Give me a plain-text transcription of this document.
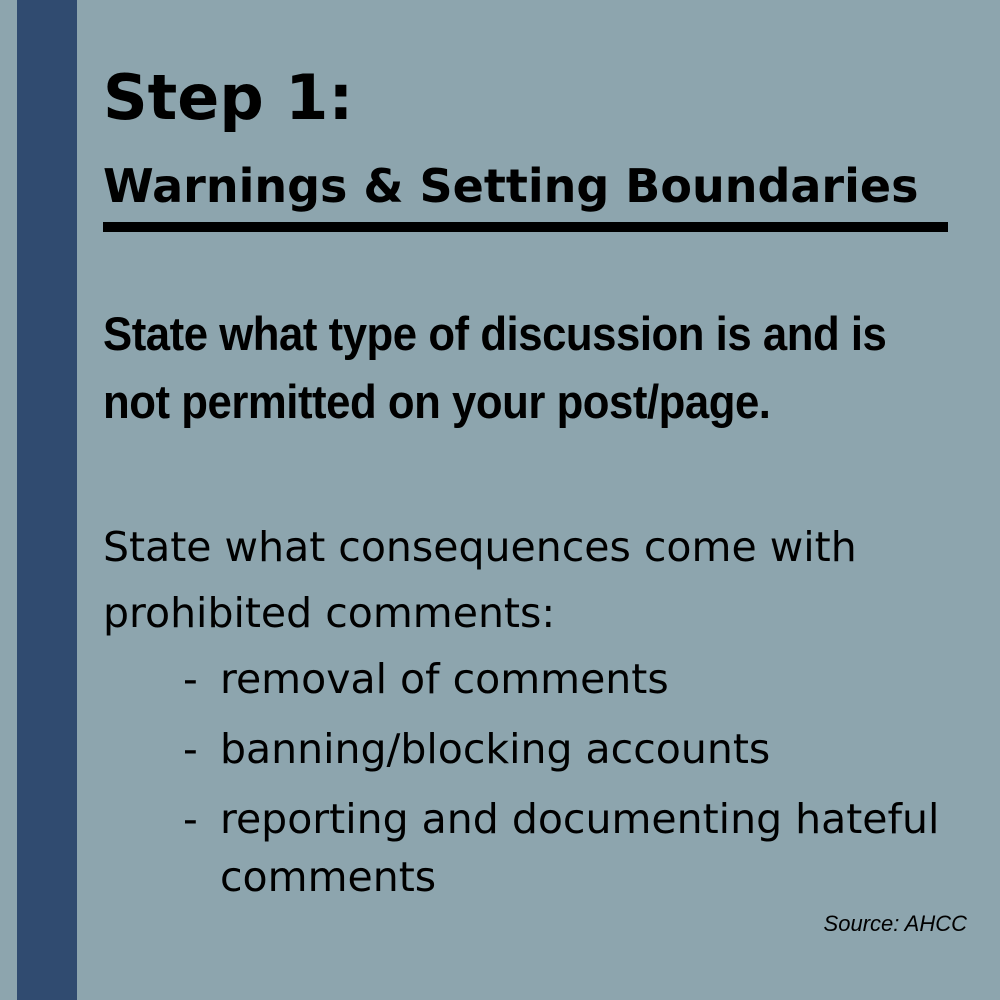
Step 1:
Warnings & Setting Boundaries
State what type of discussion is and is not permitted on your post/page.
State what consequences come with prohibited comments:
- removal of comments
- banning/blocking accounts
- reporting and documenting hateful comments
Source: AHCC
